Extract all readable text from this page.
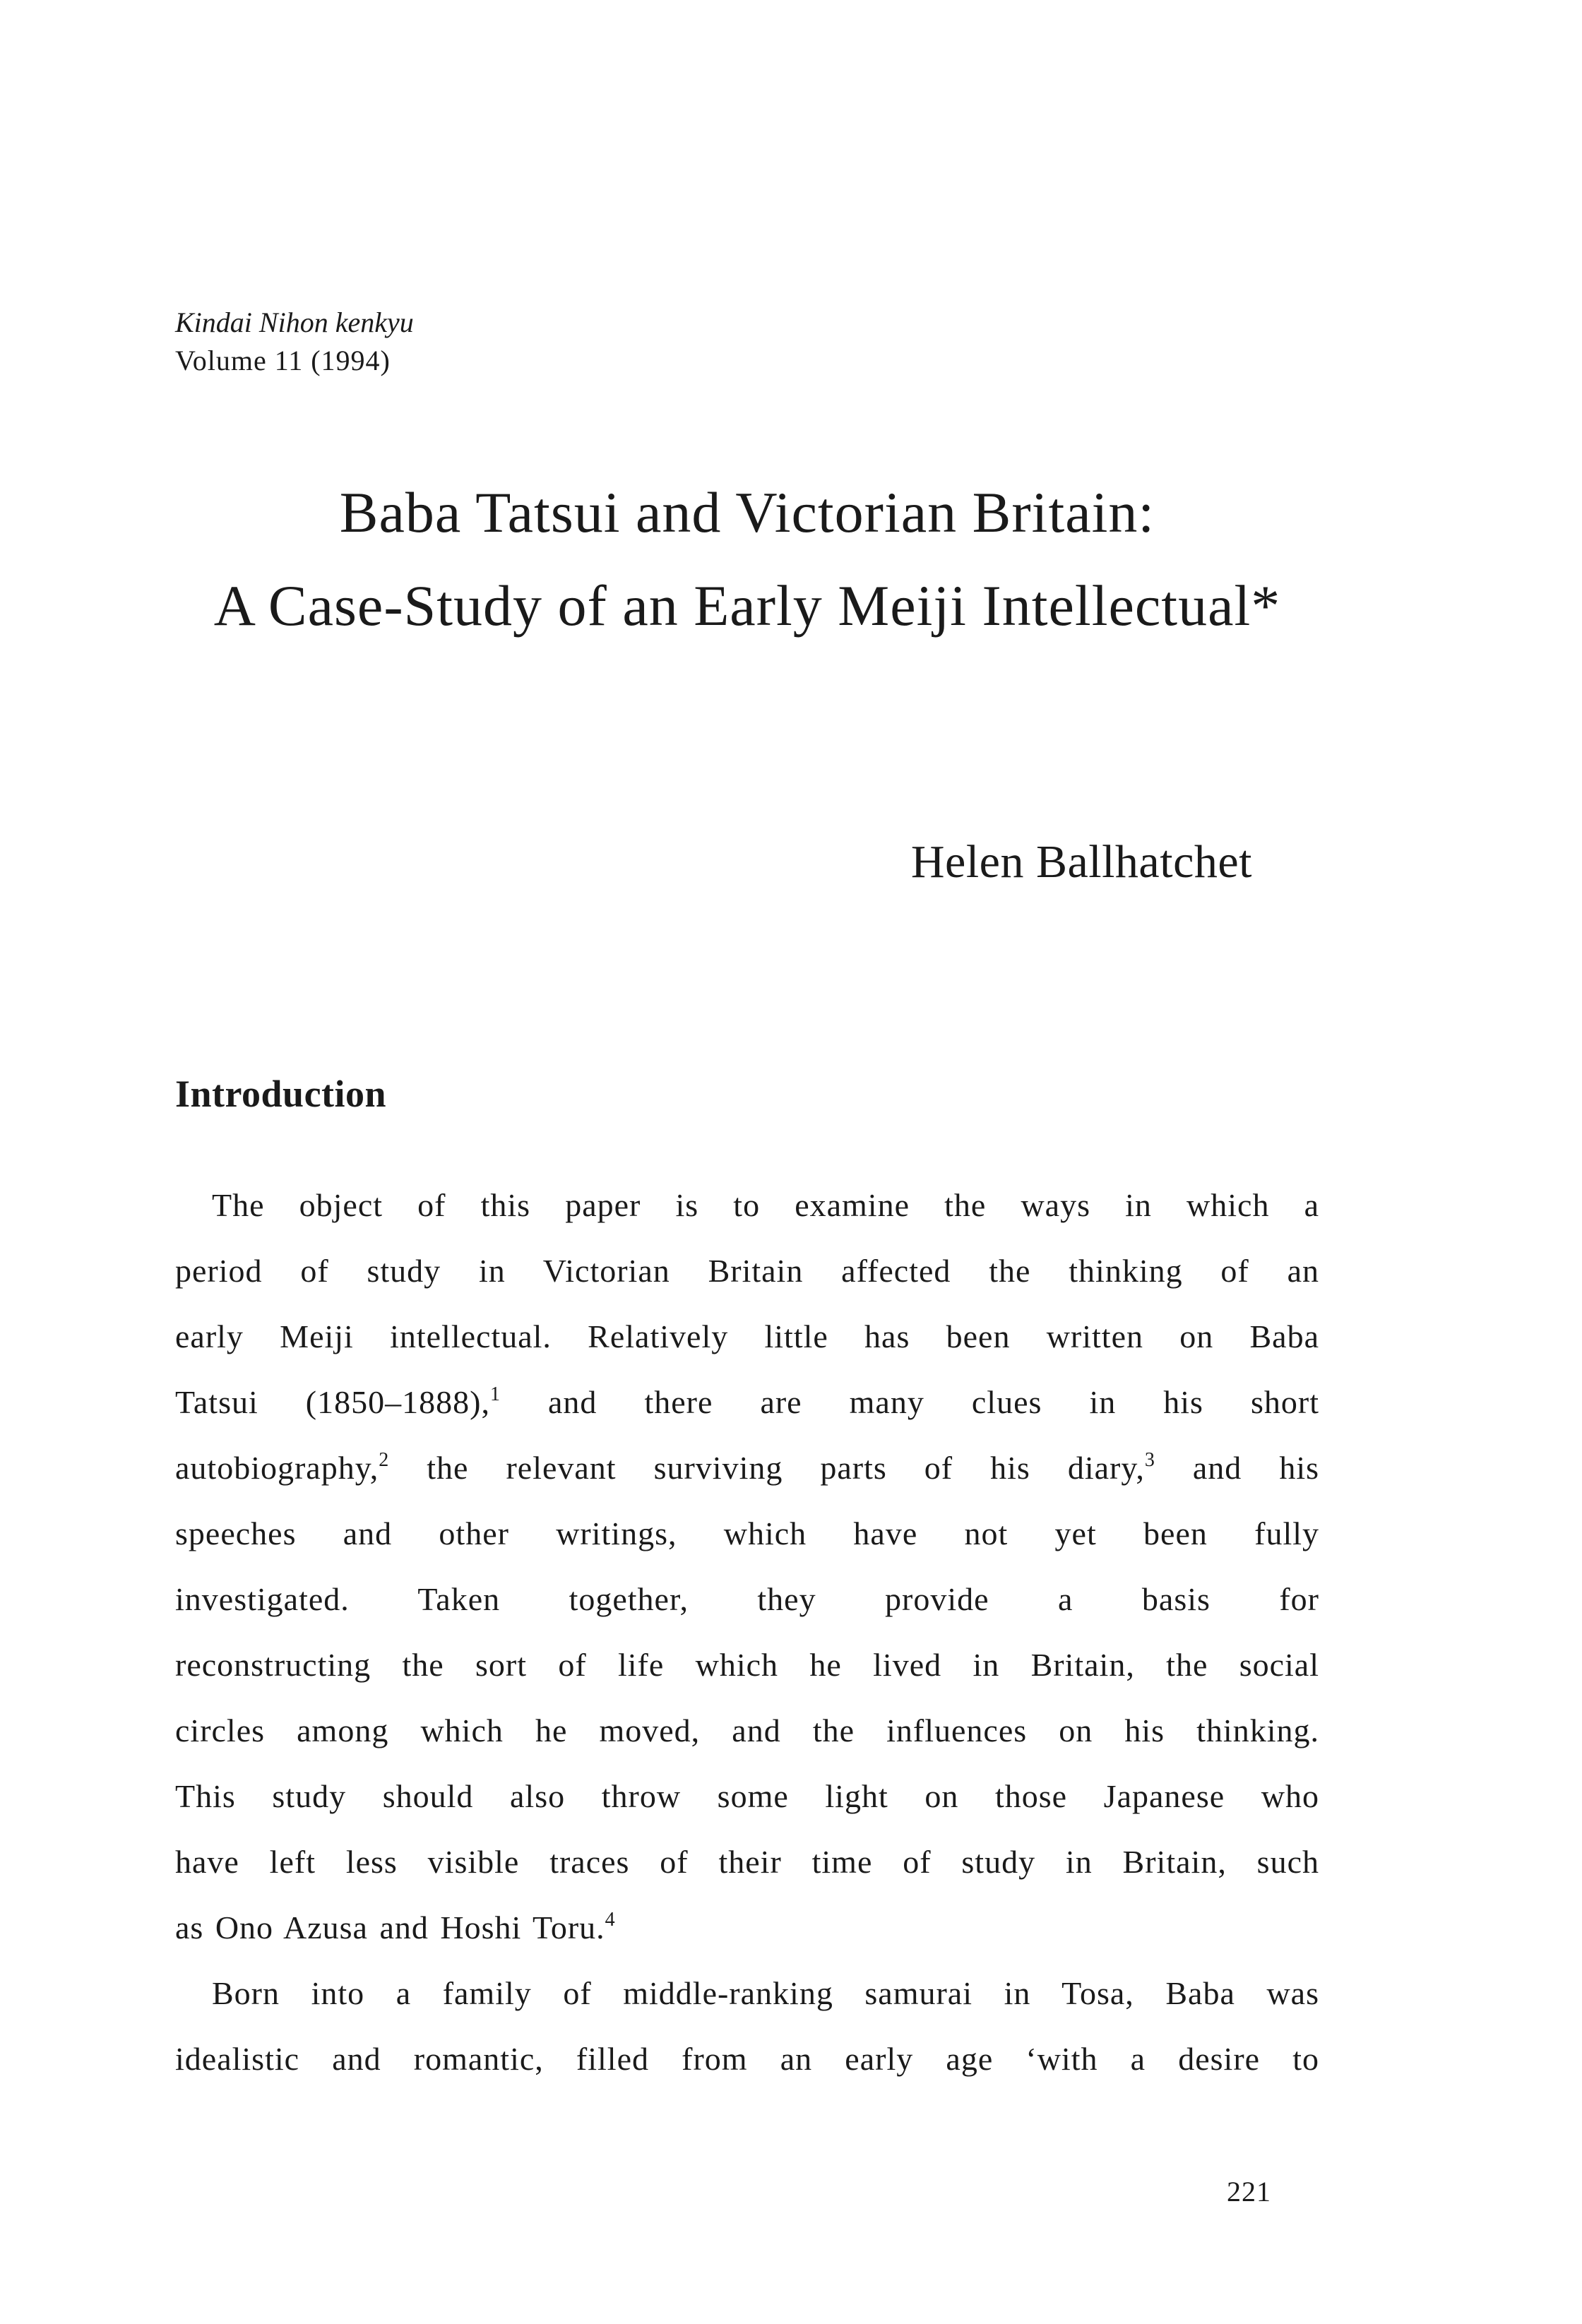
Kindai Nihon kenkyu
Volume 11 (1994)
Baba Tatsui and Victorian Britain:
A Case-Study of an Early Meiji Intellectual*
Helen Ballhatchet
Introduction
The object of this paper is to examine the ways in which a
period of study in Victorian Britain affected the thinking of an
early Meiji intellectual. Relatively little has been written on Baba
Tatsui (1850–1888),$^1$ and there are many clues in his short
autobiography,$^2$ the relevant surviving parts of his diary,$^3$ and his
speeches and other writings, which have not yet been fully
investigated. Taken together, they provide a basis for
reconstructing the sort of life which he lived in Britain, the social
circles among which he moved, and the influences on his thinking.
This study should also throw some light on those Japanese who
have left less visible traces of their time of study in Britain, such
as Ono Azusa and Hoshi Toru.$^4$
Born into a family of middle-ranking samurai in Tosa, Baba was
idealistic and romantic, filled from an early age ‘with a desire to
221
